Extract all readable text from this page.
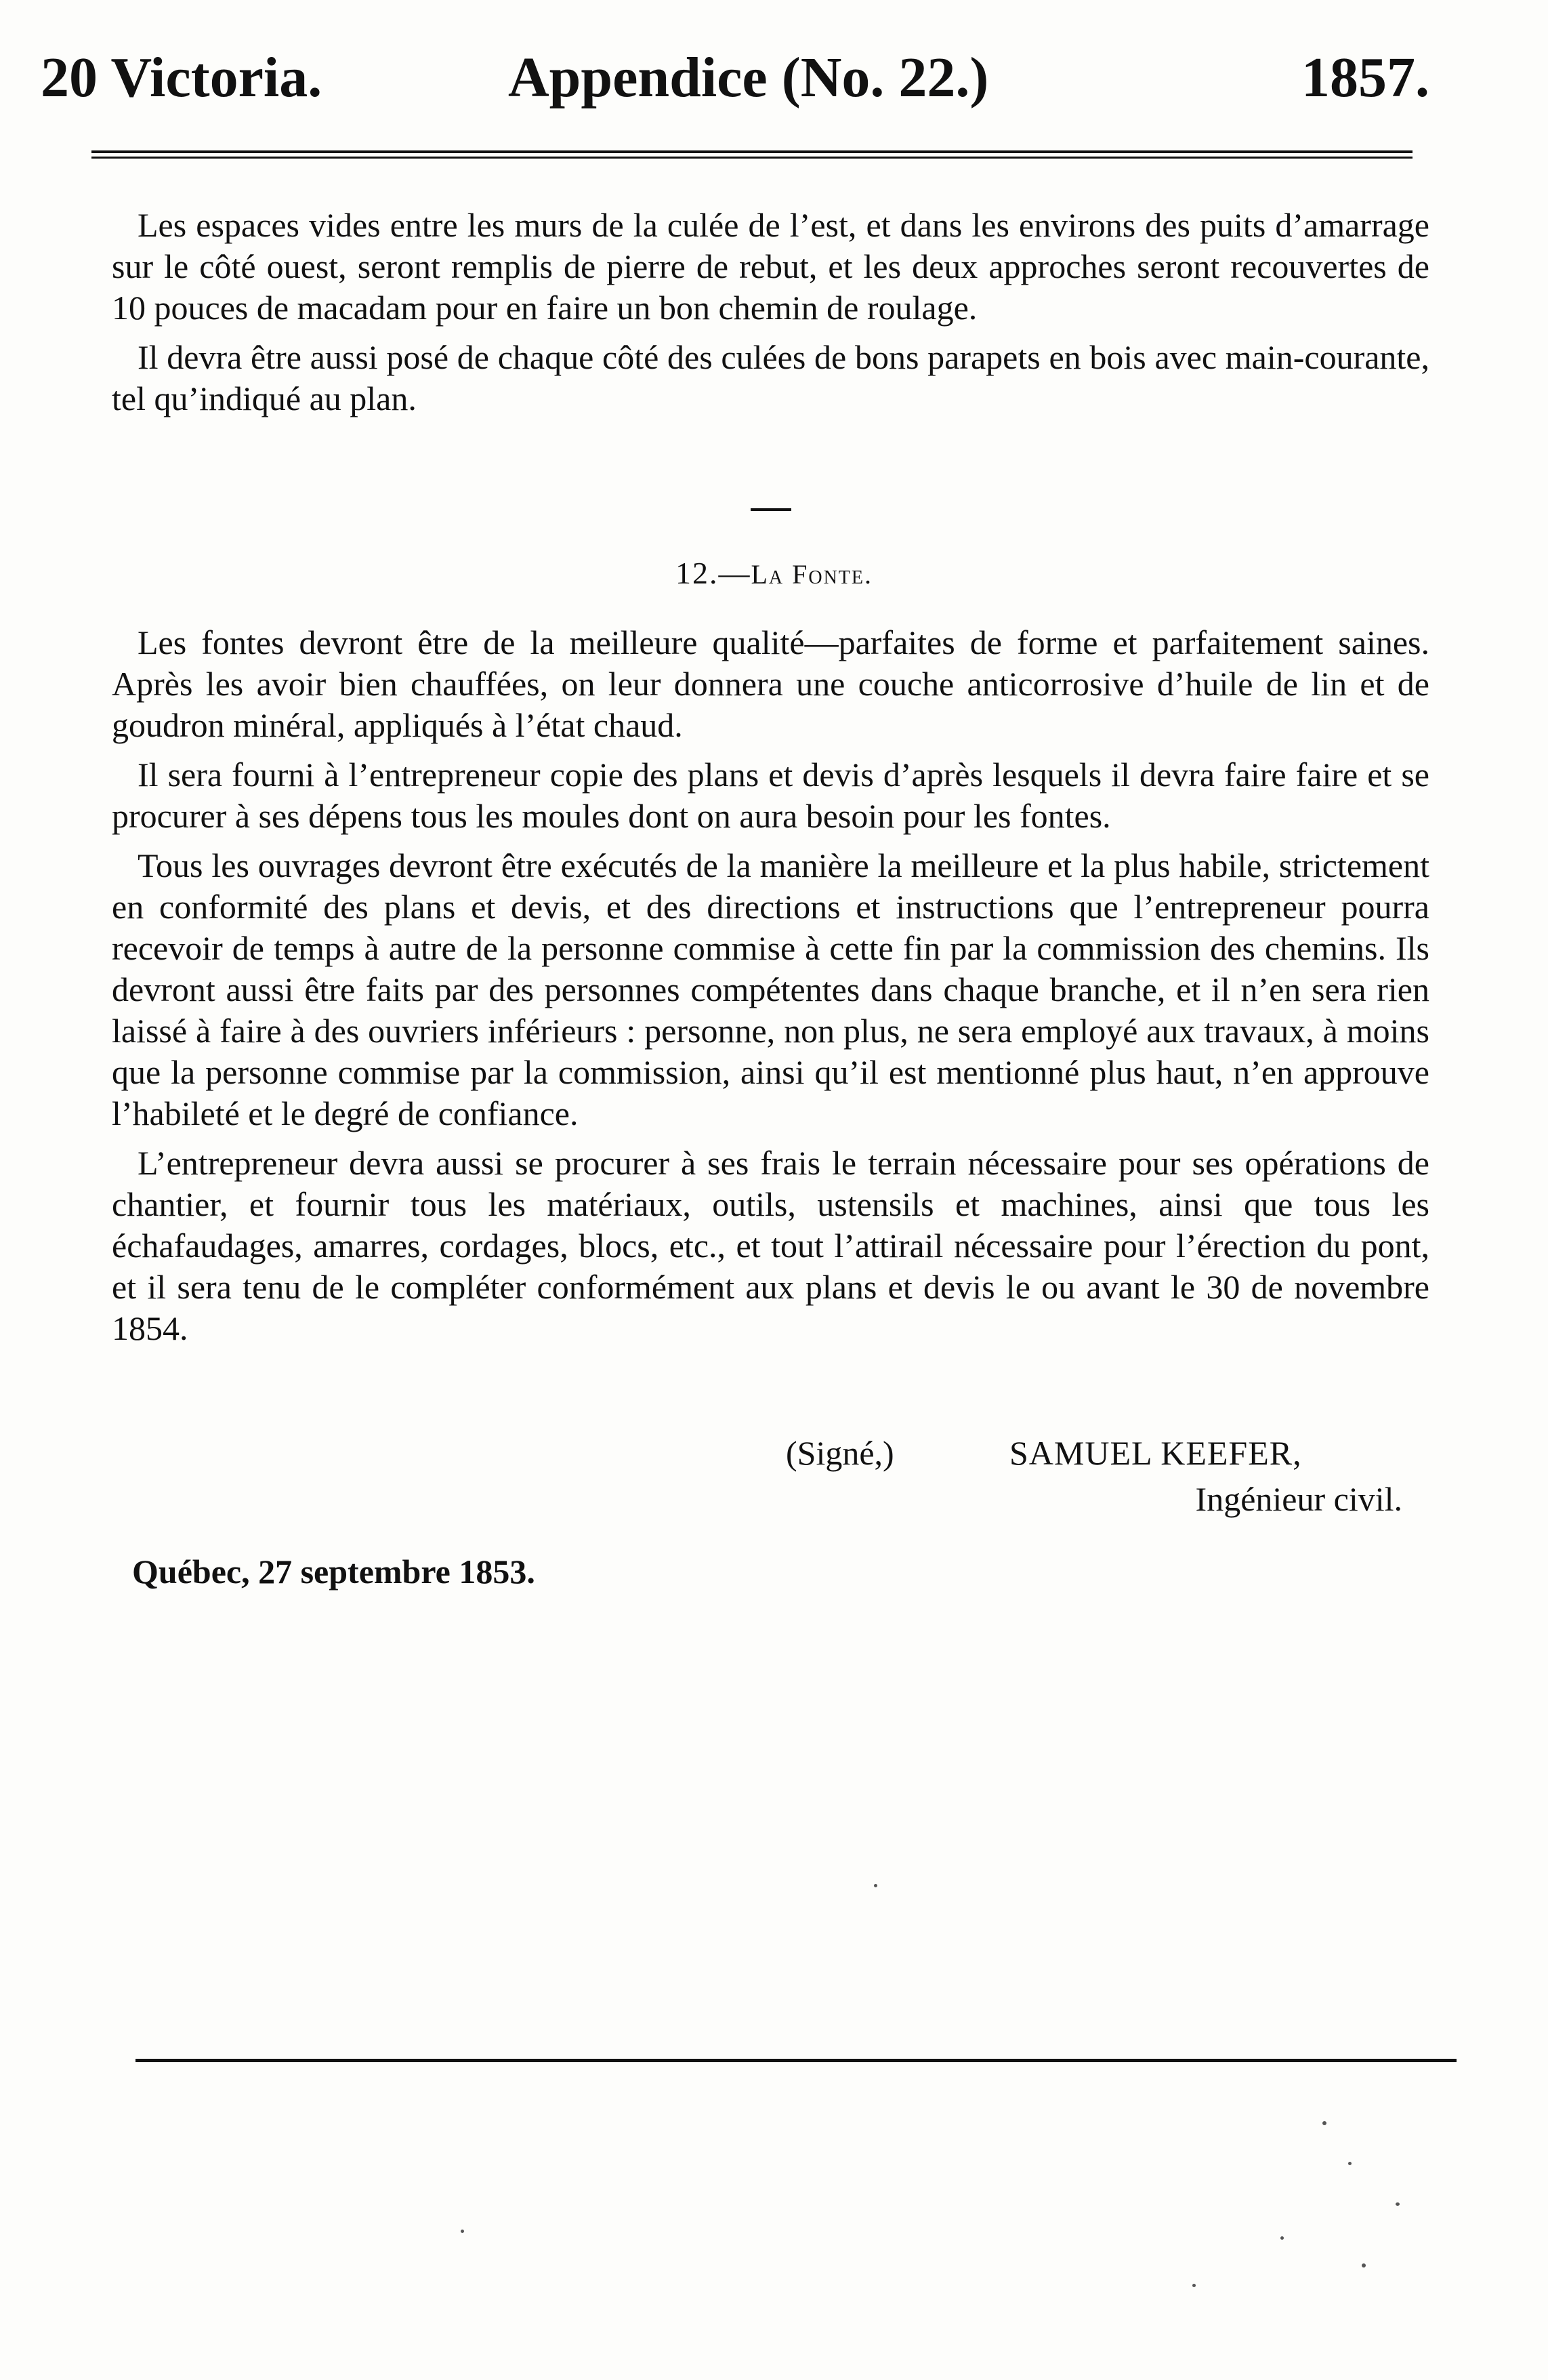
20 Victoria.	Appendice (No. 22.)	1857.

Les espaces vides entre les murs de la culée de l’est, et dans les environs des puits d’amarrage sur le côté ouest, seront remplis de pierre de rebut, et les deux approches seront recouvertes de 10 pouces de macadam pour en faire un bon chemin de roulage.

Il devra être aussi posé de chaque côté des culées de bons parapets en bois avec main-courante, tel qu’indiqué au plan.

12.—La Fonte.

Les fontes devront être de la meilleure qualité—parfaites de forme et parfaitement saines. Après les avoir bien chauffées, on leur donnera une couche anticorrosive d’huile de lin et de goudron minéral, appliqués à l’état chaud.

Il sera fourni à l’entrepreneur copie des plans et devis d’après lesquels il devra faire faire et se procurer à ses dépens tous les moules dont on aura besoin pour les fontes.

Tous les ouvrages devront être exécutés de la manière la meilleure et la plus habile, strictement en conformité des plans et devis, et des directions et instructions que l’entrepreneur pourra recevoir de temps à autre de la personne commise à cette fin par la commission des chemins. Ils devront aussi être faits par des personnes compétentes dans chaque branche, et il n’en sera rien laissé à faire à des ouvriers inférieurs : personne, non plus, ne sera employé aux travaux, à moins que la personne commise par la commission, ainsi qu’il est mentionné plus haut, n’en approuve l’habileté et le degré de confiance.

L’entrepreneur devra aussi se procurer à ses frais le terrain nécessaire pour ses opérations de chantier, et fournir tous les matériaux, outils, ustensils et machines, ainsi que tous les échafaudages, amarres, cordages, blocs, etc., et tout l’attirail nécessaire pour l’érection du pont, et il sera tenu de le compléter conformément aux plans et devis le ou avant le 30 de novembre 1854.

(Signé,)	SAMUEL KEEFER,
Ingénieur civil.
Québec, 27 septembre 1853.
